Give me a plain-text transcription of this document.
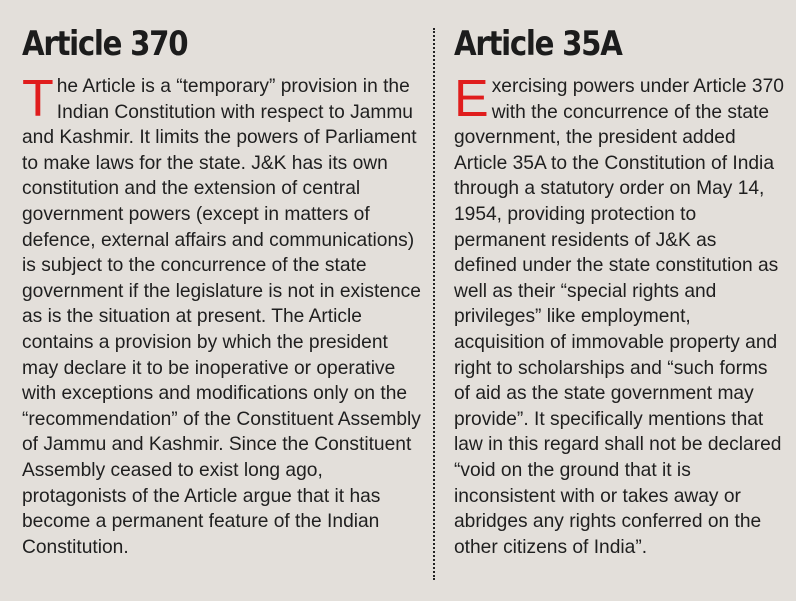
Article 370

The Article is a “temporary” provision in the Indian Constitution with respect to Jammu and Kashmir. It limits the powers of Parliament to make laws for the state. J&K has its own constitution and the extension of central government powers (except in matters of defence, external affairs and communications) is subject to the concurrence of the state government if the legislature is not in existence as is the situation at present. The Article contains a provision by which the president may declare it to be inoperative or operative with exceptions and modifications only on the “recommendation” of the Constituent Assembly of Jammu and Kashmir. Since the Constituent Assembly ceased to exist long ago, protagonists of the Article argue that it has become a permanent feature of the Indian Constitution.

Article 35A

Exercising powers under Article 370 with the concurrence of the state government, the president added Article 35A to the Constitution of India through a statutory order on May 14, 1954, providing protection to permanent residents of J&K as defined under the state constitution as well as their “special rights and privileges” like employment, acquisition of immovable property and right to scholarships and “such forms of aid as the state government may provide”. It specifically mentions that law in this regard shall not be declared “void on the ground that it is inconsistent with or takes away or abridges any rights conferred on the other citizens of India”.
